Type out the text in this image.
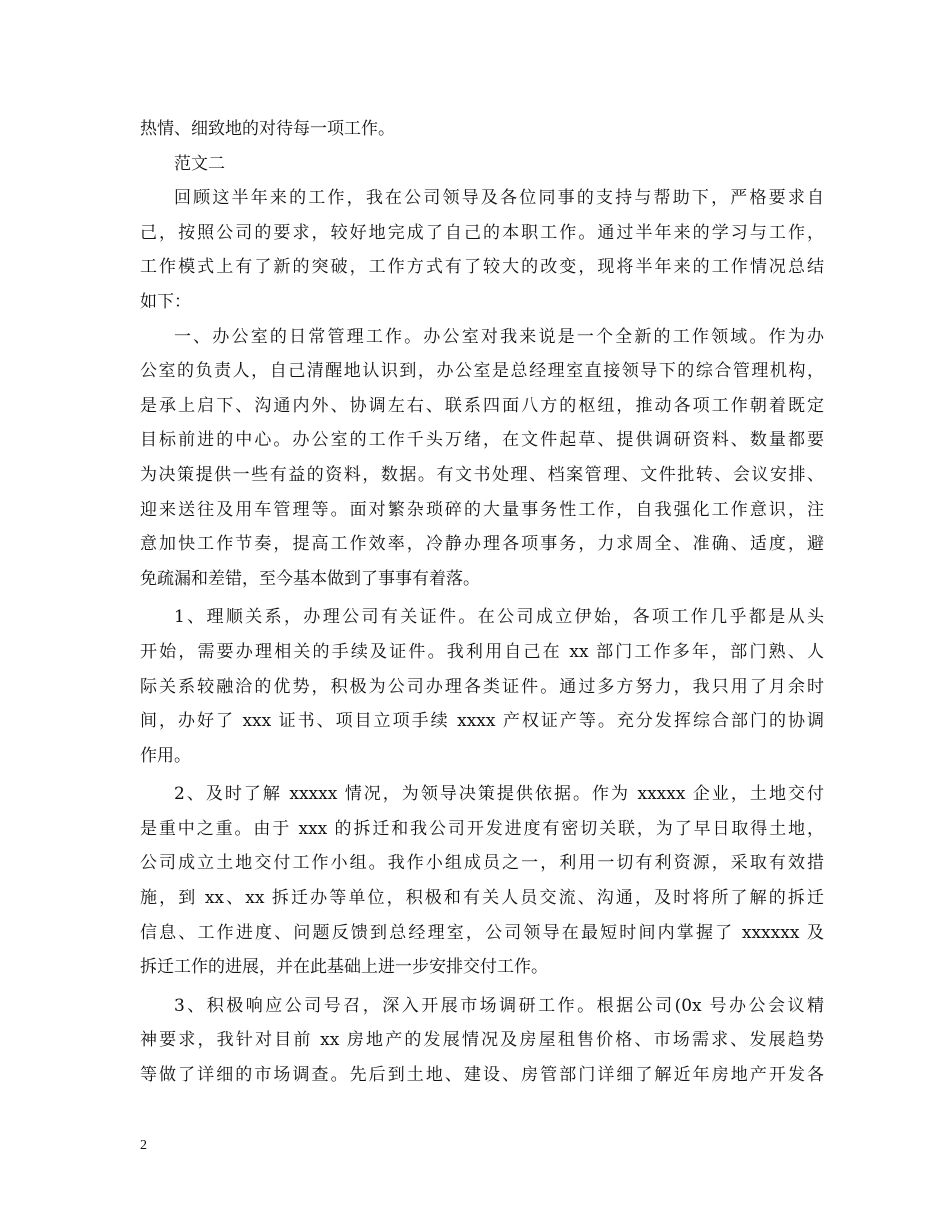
热情、细致地的对待每一项工作。
范文二
回顾这半年来的工作，我在公司领导及各位同事的支持与帮助下，严格要求自
己，按照公司的要求，较好地完成了自己的本职工作。通过半年来的学习与工作，
工作模式上有了新的突破，工作方式有了较大的改变，现将半年来的工作情况总结
如下：
一、办公室的日常管理工作。办公室对我来说是一个全新的工作领域。作为办
公室的负责人，自己清醒地认识到，办公室是总经理室直接领导下的综合管理机构，
是承上启下、沟通内外、协调左右、联系四面八方的枢纽，推动各项工作朝着既定
目标前进的中心。办公室的工作千头万绪，在文件起草、提供调研资料、数量都要
为决策提供一些有益的资料，数据。有文书处理、档案管理、文件批转、会议安排、
迎来送往及用车管理等。面对繁杂琐碎的大量事务性工作，自我强化工作意识，注
意加快工作节奏，提高工作效率，冷静办理各项事务，力求周全、准确、适度，避
免疏漏和差错，至今基本做到了事事有着落。
1、理顺关系，办理公司有关证件。在公司成立伊始，各项工作几乎都是从头
开始，需要办理相关的手续及证件。我利用自己在 xx 部门工作多年，部门熟、人
际关系较融洽的优势，积极为公司办理各类证件。通过多方努力，我只用了月余时
间，办好了 xxx 证书、项目立项手续 xxxx 产权证产等。充分发挥综合部门的协调
作用。
2、及时了解 xxxxx 情况，为领导决策提供依据。作为 xxxxx 企业，土地交付
是重中之重。由于 xxx 的拆迁和我公司开发进度有密切关联，为了早日取得土地，
公司成立土地交付工作小组。我作小组成员之一，利用一切有利资源，采取有效措
施，到 xx、xx 拆迁办等单位，积极和有关人员交流、沟通，及时将所了解的拆迁
信息、工作进度、问题反馈到总经理室，公司领导在最短时间内掌握了 xxxxxx 及
拆迁工作的进展，并在此基础上进一步安排交付工作。
3、积极响应公司号召，深入开展市场调研工作。根据公司(0x 号办公会议精
神要求，我针对目前 xx 房地产的发展情况及房屋租售价格、市场需求、发展趋势
等做了详细的市场调查。先后到土地、建设、房管部门详细了解近年房地产开发各
2
